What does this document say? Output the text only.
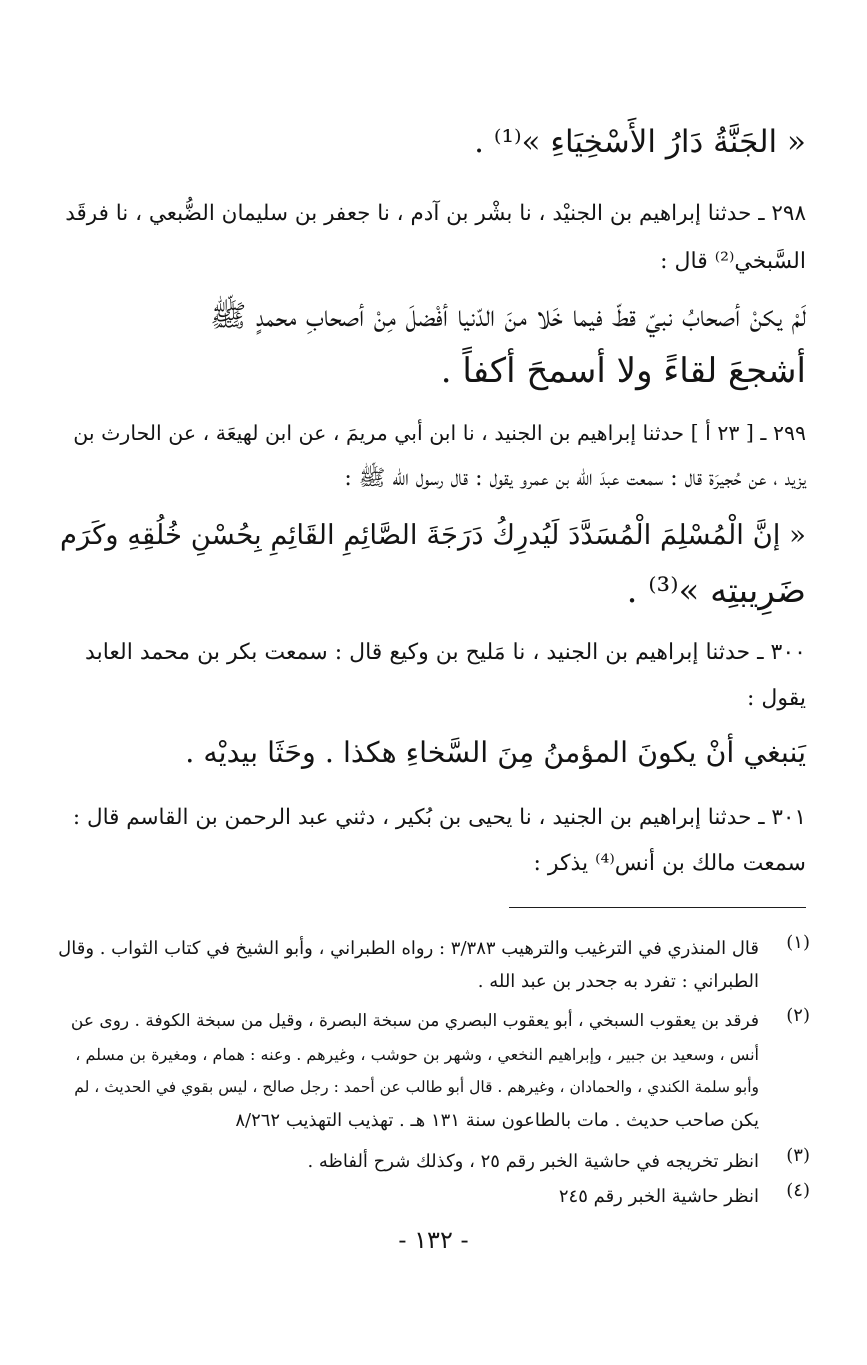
« الجَنَّةُ دَارُ الأَسْخِيَاءِ »⁽¹⁾ .
٢٩٨ ـ حدثنا إبراهيم بن الجنيْد ، نا بشْر بن آدم ، نا جعفر بن سليمان الضُّبعي ، نا فرقَد
السَّبخي⁽²⁾ قال :
لَمْ يكنْ أصحابُ نبيّ قطّ فيما خَلا منَ الدّنيا أفْضلَ مِنْ أصحابِ محمدٍ ﷺ
أشجعَ لقاءً ولا أسمحَ أكفاً .
٢٩٩ ـ [ ٢٣ أ ] حدثنا إبراهيم بن الجنيد ، نا ابن أبي مريمَ ، عن ابن لهيعَة ، عن الحارث بن
يزيد ، عن حُجيرَة قال : سمعت عبدَ الله بن عمرو يقول : قال رسول الله ﷺ :
« إنَّ الْمُسْلِمَ الْمُسَدَّدَ لَيُدرِكُ دَرَجَةَ الصَّائِمِ القَائِمِ بِحُسْنِ خُلُقِهِ وكَرَم
ضَرِيبتِه »⁽³⁾ .
٣٠٠ ـ حدثنا إبراهيم بن الجنيد ، نا مَليح بن وكيع قال : سمعت بكر بن محمد العابد
يقول :
يَنبغي أنْ يكونَ المؤمنُ مِنَ السَّخاءِ هكذا . وحَثَا بيديْه .
٣٠١ ـ حدثنا إبراهيم بن الجنيد ، نا يحيى بن بُكير ، دثني عبد الرحمن بن القاسم قال :
سمعت مالك بن أنس⁽⁴⁾ يذكر :
(١)
قال المنذري في الترغيب والترهيب ٣/٣٨٣ : رواه الطبراني ، وأبو الشيخ في كتاب الثواب . وقال
الطبراني : تفرد به جحدر بن عبد الله .
(٢)
فرقد بن يعقوب السبخي ، أبو يعقوب البصري من سبخة البصرة ، وقيل من سبخة الكوفة . روى عن
أنس ، وسعيد بن جبير ، وإبراهيم النخعي ، وشهر بن حوشب ، وغيرهم . وعنه : همام ، ومغيرة بن مسلم ،
وأبو سلمة الكندي ، والحمادان ، وغيرهم . قال أبو طالب عن أحمد : رجل صالح ، ليس بقوي في الحديث ، لم
يكن صاحب حديث . مات بالطاعون سنة ١٣١ هـ . تهذيب التهذيب ٨/٢٦٢
(٣)
انظر تخريجه في حاشية الخبر رقم ٢٥ ، وكذلك شرح ألفاظه .
(٤)
انظر حاشية الخبر رقم ٢٤٥
- ١٣٢ -
